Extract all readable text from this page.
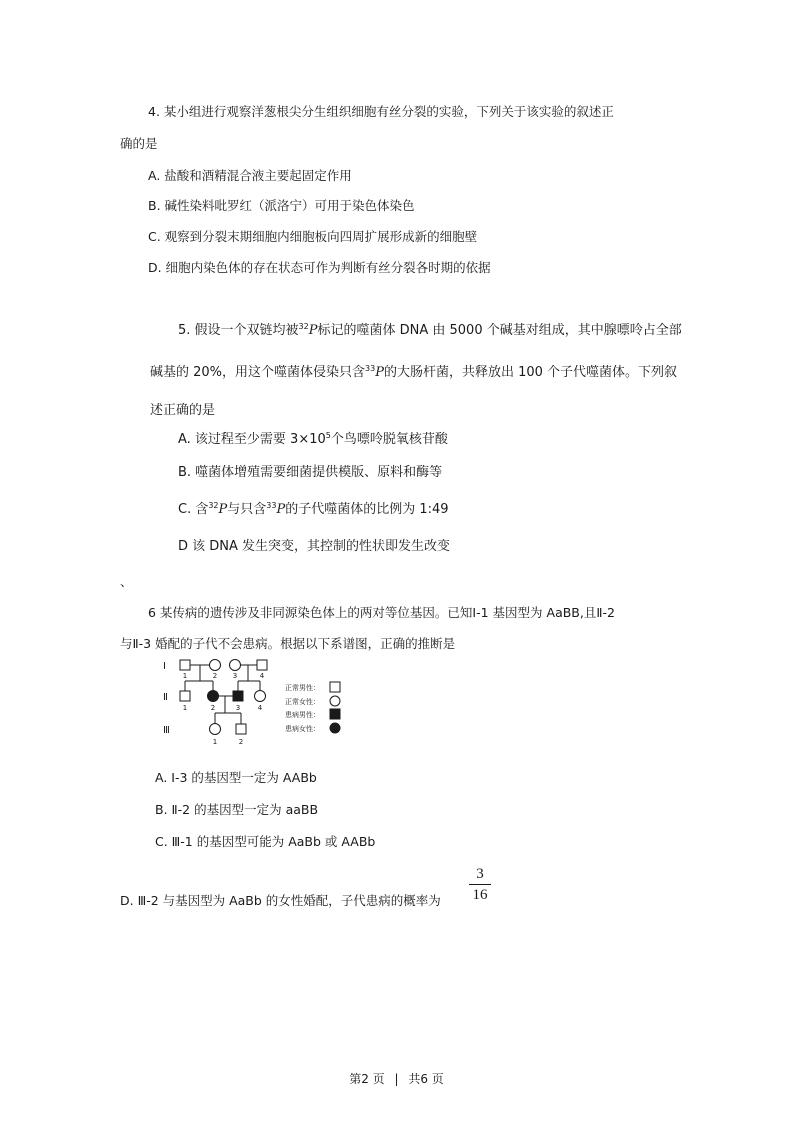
4. 某小组进行观察洋葱根尖分生组织细胞有丝分裂的实验，下列关于该实验的叙述正
确的是
A. 盐酸和酒精混合液主要起固定作用
B. 碱性染料吡罗红（派洛宁）可用于染色体染色
C. 观察到分裂末期细胞内细胞板向四周扩展形成新的细胞壁
D. 细胞内染色体的存在状态可作为判断有丝分裂各时期的依据
5. 假设一个双链均被$^{32}$P标记的噬菌体 DNA 由 5000 个碱基对组成，其中腺嘌呤占全部
碱基的 20%，用这个噬菌体侵染只含$^{33}$P的大肠杆菌，共释放出 100 个子代噬菌体。下列叙
述正确的是
A. 该过程至少需要 $3\times 10^5$个鸟嘌呤脱氧核苷酸
B. 噬菌体增殖需要细菌提供模版、原料和酶等
C. 含$^{32}$P与只含$^{33}$P的子代噬菌体的比例为 1:49
D 该 DNA 发生突变，其控制的性状即发生改变
、
6 某传病的遗传涉及非同源染色体上的两对等位基因。已知Ⅰ-1 基因型为 AaBB,且Ⅱ-2
与Ⅱ-3 婚配的子代不会患病。根据以下系谱图，正确的推断是
Ⅰ
Ⅱ
Ⅲ
1	2 3	4
1	2	3	4
1	2
正常男性：
正常女性：
患病男性：
患病女性：
A. Ⅰ-3 的基因型一定为 AABb
B. Ⅱ-2 的基因型一定为 aaBB
C. Ⅲ-1 的基因型可能为 AaBb 或 AABb
D. Ⅲ-2 与基因型为 AaBb 的女性婚配，子代患病的概率为
3
16
第2 页 | 共6 页
